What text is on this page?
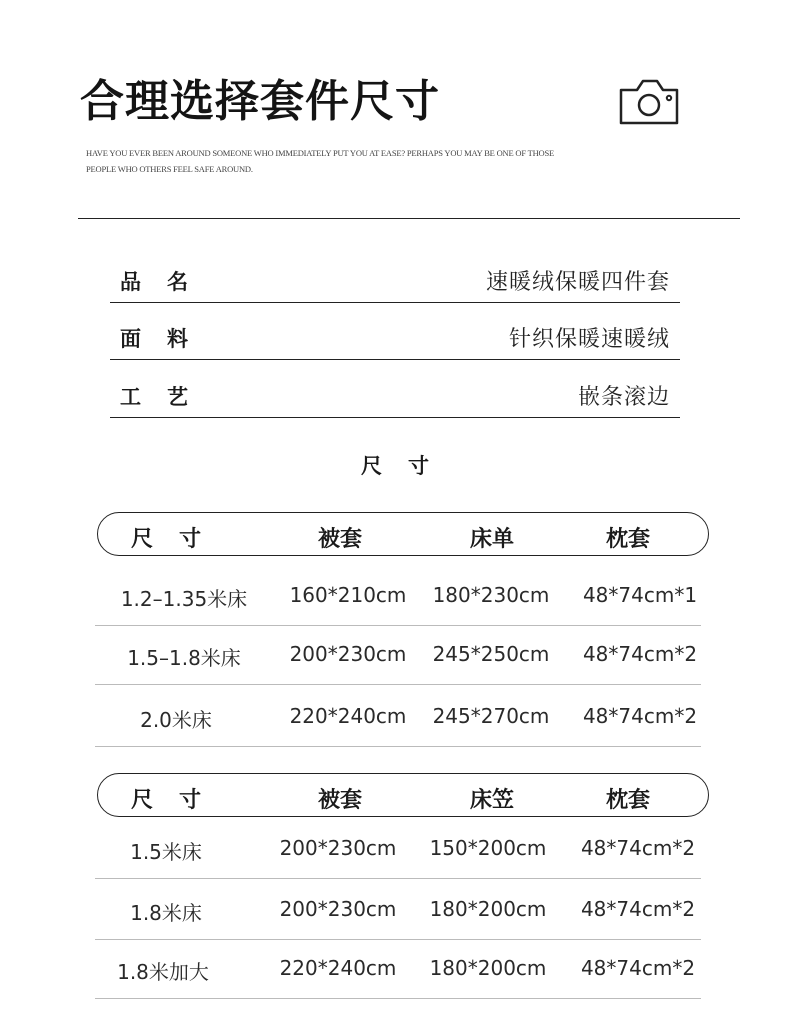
合理选择套件尺寸
HAVE YOU EVER BEEN AROUND SOMEONE WHO IMMEDIATELY PUT YOU AT EASE? PERHAPS YOU MAY BE ONE OF THOSE PEOPLE WHO OTHERS FEEL SAFE AROUND.
品名	速暖绒保暖四件套
面料	针织保暖速暖绒
工艺	嵌条滚边
尺寸
尺寸	被套	床单	枕套
1.2–1.35米床 160*210cm 180*230cm 48*74cm*1
1.5–1.8米床 200*230cm 245*250cm 48*74cm*2
2.0米床	220*240cm 245*270cm 48*74cm*2
尺寸	被套	床笠	枕套
1.5米床	200*230cm 150*200cm 48*74cm*2
1.8米床	200*230cm 180*200cm 48*74cm*2
1.8米加大	220*240cm 180*200cm 48*74cm*2
